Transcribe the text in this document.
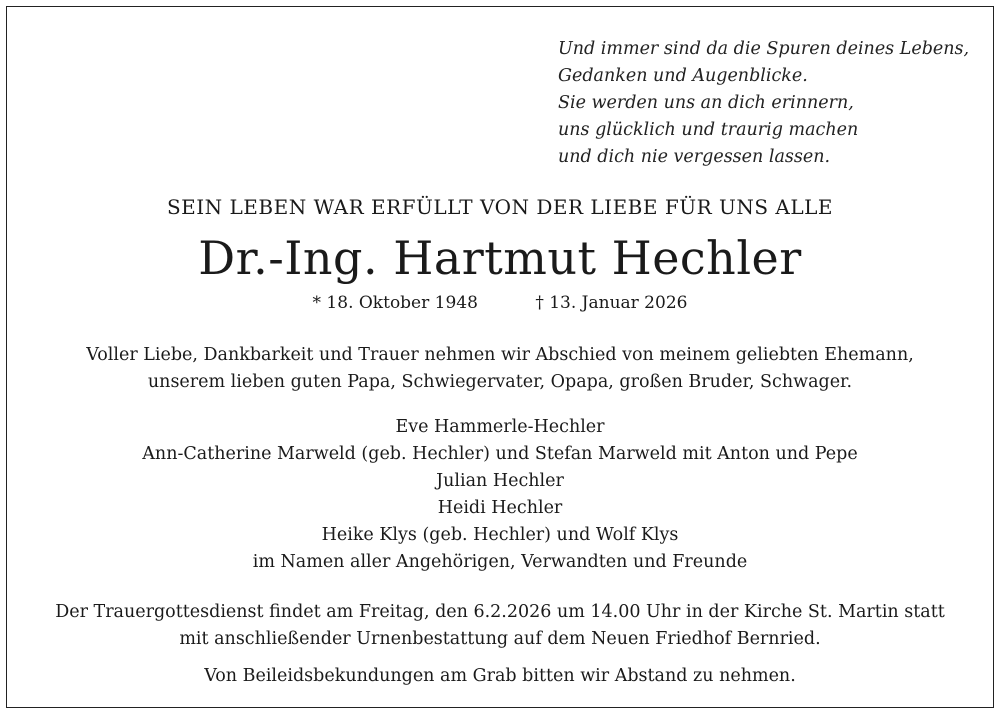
Und immer sind da die Spuren deines Lebens,
Gedanken und Augenblicke.
Sie werden uns an dich erinnern,
uns glücklich und traurig machen
und dich nie vergessen lassen.
SEIN LEBEN WAR ERFÜLLT VON DER LIEBE FÜR UNS ALLE
Dr.-Ing. Hartmut Hechler
* 18. Oktober 1948	† 13. Januar 2026
Voller Liebe, Dankbarkeit und Trauer nehmen wir Abschied von meinem geliebten Ehemann,
unserem lieben guten Papa, Schwiegervater, Opapa, großen Bruder, Schwager.
Eve Hammerle-Hechler
Ann-Catherine Marweld (geb. Hechler) und Stefan Marweld mit Anton und Pepe
Julian Hechler
Heidi Hechler
Heike Klys (geb. Hechler) und Wolf Klys
im Namen aller Angehörigen, Verwandten und Freunde
Der Trauergottesdienst findet am Freitag, den 6.2.2026 um 14.00 Uhr in der Kirche St. Martin statt
mit anschließender Urnenbestattung auf dem Neuen Friedhof Bernried.
Von Beileidsbekundungen am Grab bitten wir Abstand zu nehmen.
